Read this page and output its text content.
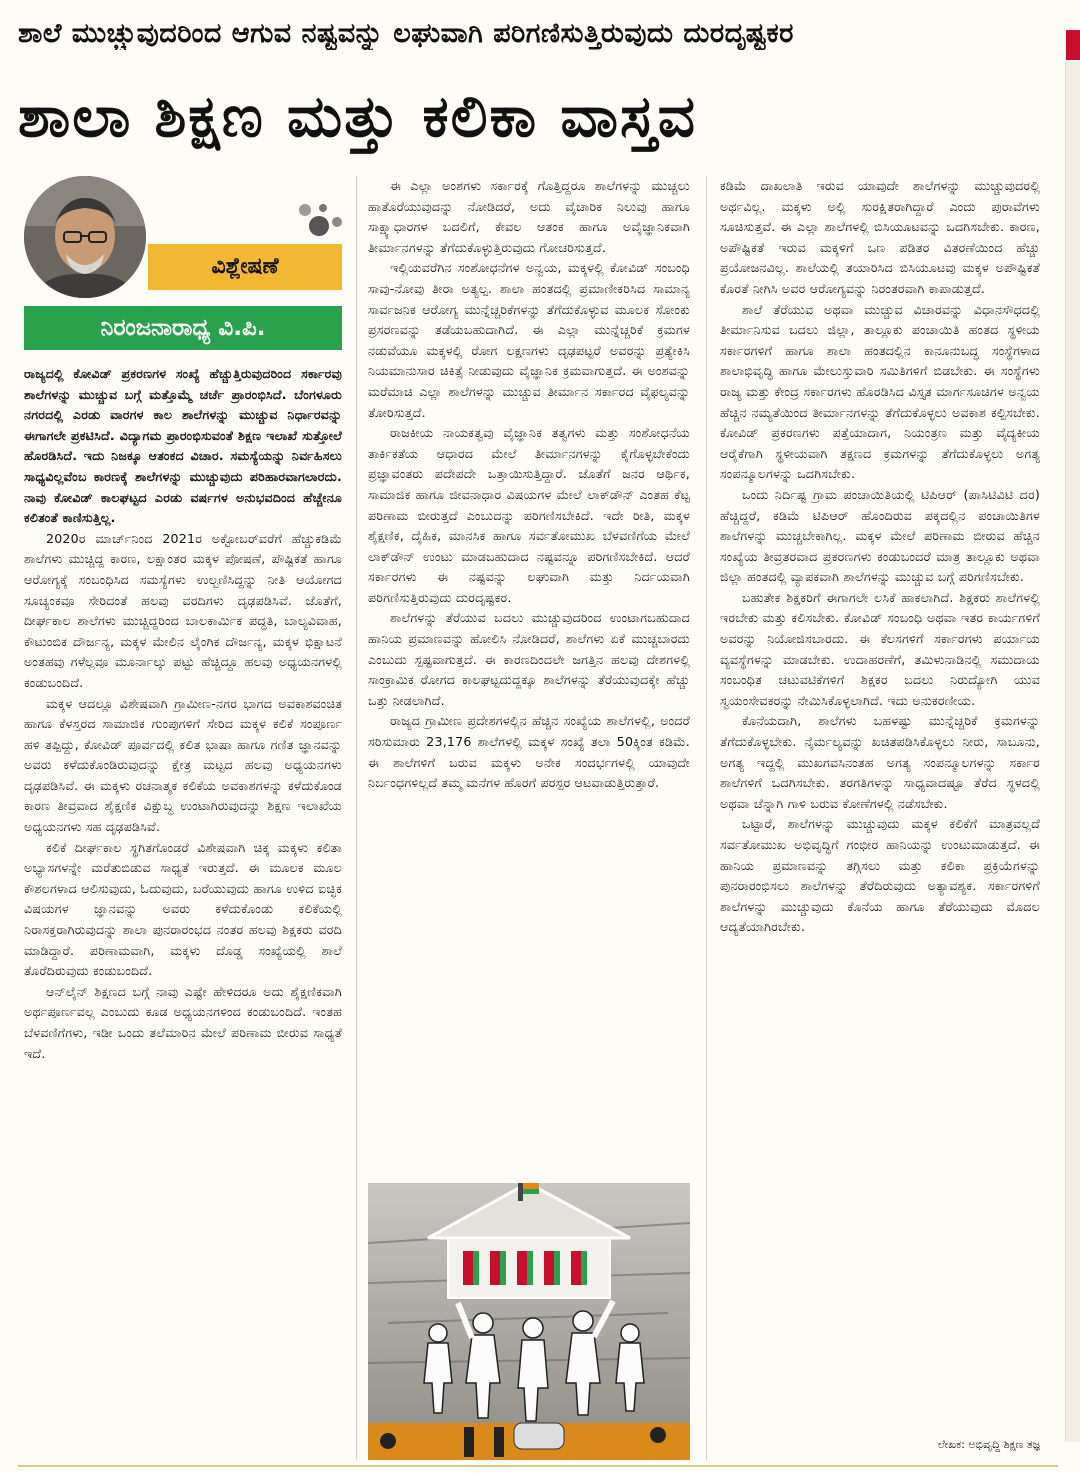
ಶಾಲೆ ಮುಚ್ಚುವುದರಿಂದ ಆಗುವ ನಷ್ಟವನ್ನು ಲಘುವಾಗಿ ಪರಿಗಣಿಸುತ್ತಿರುವುದು ದುರದೃಷ್ಟಕರ
ಶಾಲಾ ಶಿಕ್ಷಣ ಮತ್ತು ಕಲಿಕಾ ವಾಸ್ತವ
ವಿಶ್ಲೇಷಣೆ
ನಿರಂಜನಾರಾಧ್ಯ ವಿ.ಪಿ.

ರಾಜ್ಯದಲ್ಲಿ ಕೋವಿಡ್ ಪ್ರಕರಣಗಳ ಸಂಖ್ಯೆ ಹೆಚ್ಚುತ್ತಿರುವುದರಿಂದ ಸರ್ಕಾರವು ಶಾಲೆಗಳನ್ನು ಮುಚ್ಚುವ ಬಗ್ಗೆ ಮತ್ತೊಮ್ಮೆ ಚರ್ಚೆ ಪ್ರಾರಂಭಿಸಿದೆ. ಬೆಂಗಳೂರು ನಗರದಲ್ಲಿ ಎರಡು ವಾರಗಳ ಕಾಲ ಶಾಲೆಗಳನ್ನು ಮುಚ್ಚುವ ನಿರ್ಧಾರವನ್ನು ಈಗಾಗಲೇ ಪ್ರಕಟಿಸಿದೆ. ವಿದ್ಯಾಗಮ ಪ್ರಾರಂಭಿಸುವಂತೆ ಶಿಕ್ಷಣ ಇಲಾಖೆ ಸುತ್ತೋಲೆ ಹೊರಡಿಸಿದೆ. ಇದು ನಿಜಕ್ಕೂ ಆತಂಕದ ವಿಚಾರ. ಸಮಸ್ಯೆಯನ್ನು ನಿರ್ವಹಿಸಲು ಸಾಧ್ಯವಿಲ್ಲವೆಂಬ ಕಾರಣಕ್ಕೆ ಶಾಲೆಗಳನ್ನು ಮುಚ್ಚುವುದು ಪರಿಹಾರವಾಗಲಾರದು. ನಾವು ಕೋವಿಡ್ ಕಾಲಘಟ್ಟದ ಎರಡು ವರ್ಷಗಳ ಅನುಭವದಿಂದ ಹೆಚ್ಚೇನೂ ಕಲಿತಂತೆ ಕಾಣಿಸುತ್ತಿಲ್ಲ.

2020ರ ಮಾರ್ಚ್‌ನಿಂದ 2021ರ ಅಕ್ಟೋಬರ್‌ವರೆಗೆ ಹೆಚ್ಚುಕಡಿಮೆ ಶಾಲೆಗಳು ಮುಚ್ಚಿದ್ದ ಕಾರಣ, ಲಕ್ಷಾಂತರ ಮಕ್ಕಳ ಪೋಷಣೆ, ಪೌಷ್ಟಿಕತೆ ಹಾಗೂ ಆರೋಗ್ಯಕ್ಕೆ ಸಂಬಂಧಿಸಿದ ಸಮಸ್ಯೆಗಳು ಉಲ್ಬಣಿಸಿದ್ದನ್ನು ನೀತಿ ಆಯೋಗದ ಸೂಚ್ಯಂಕವೂ ಸೇರಿದಂತೆ ಹಲವು ವರದಿಗಳು ದೃಢಪಡಿಸಿವೆ. ಜೊತೆಗೆ, ದೀರ್ಘಕಾಲ ಶಾಲೆಗಳು ಮುಚ್ಚಿದ್ದರಿಂದ ಬಾಲಕಾರ್ಮಿಕ ಪದ್ಧತಿ, ಬಾಲ್ಯವಿವಾಹ, ಕೌಟುಂಬಿಕ ದೌರ್ಜನ್ಯ, ಮಕ್ಕಳ ಮೇಲಿನ ಲೈಂಗಿಕ ದೌರ್ಜನ್ಯ, ಮಕ್ಕಳ ಭಿಕ್ಷಾಟನೆ ಅಂತಹವು ಗಳೆಲ್ಲವೂ ಮೂರ್ನಾಲ್ಕು ಪಟ್ಟು ಹೆಚ್ಚಿದ್ದೂ ಹಲವು ಅಧ್ಯಯನಗಳಲ್ಲಿ ಕಂಡುಬಂದಿದೆ.

ಮಕ್ಕಳ ಆದಲ್ಲೂ ವಿಶೇಷವಾಗಿ ಗ್ರಾಮೀಣ-ನಗರ ಭಾಗದ ಅವಕಾಶವಂಚಿತ ಹಾಗೂ ಕೆಳಸ್ತರದ ಸಾಮಾಜಿಕ ಗುಂಪುಗಳಿಗೆ ಸೇರಿದ ಮಕ್ಕಳ ಕಲಿಕೆ ಸಂಪೂರ್ಣ ಹಳಿ ತಪ್ಪಿದ್ದು, ಕೋವಿಡ್ ಪೂರ್ವದಲ್ಲಿ ಕಲಿತ ಭಾಷಾ ಹಾಗೂ ಗಣಿತ ಜ್ಞಾನವನ್ನು ಅವರು ಕಳೆದುಕೊಂಡಿರುವುದನ್ನು ಕ್ಷೇತ್ರ ಮಟ್ಟದ ಹಲವು ಅಧ್ಯಯನಗಳು ದೃಢಪಡಿಸಿವೆ. ಈ ಮಕ್ಕಳು ರಚನಾತ್ಮಕ ಕಲಿಕೆಯ ಅವಕಾಶಗಳನ್ನು ಕಳೆದುಕೊಂಡ ಕಾರಣ ತೀವ್ರವಾದ ಶೈಕ್ಷಣಿಕ ವಿಕ್ಷುಬ್ಧ ಉಂಟಾಗಿರುವುದನ್ನು ಶಿಕ್ಷಣ ಇಲಾಖೆಯ ಅಧ್ಯಯನಗಳು ಸಹ ದೃಢಪಡಿಸಿವೆ.

ಕಲಿಕೆ ದೀರ್ಘಕಾಲ ಸ್ಥಗಿತಗೊಂಡರೆ ವಿಶೇಷವಾಗಿ ಚಿಕ್ಕ ಮಕ್ಕಳು ಕಲಿತಾ ಅಭ್ಯಾಸಗಳನ್ನೇ ಮರೆತುಬಿಡುವ ಸಾಧ್ಯತೆ ಇರುತ್ತದೆ. ಈ ಮೂಲಕ ಮೂಲ ಕೌಶಲಗಳಾದ ಆಲಿಸುವುದು, ಓದುವುದು, ಬರೆಯುವುದು ಹಾಗೂ ಉಳಿದ ಐಚ್ಛಿಕ ವಿಷಯಗಳ ಜ್ಞಾನವನ್ನು ಅವರು ಕಳೆದುಕೊಂಡು ಕಲಿಕೆಯಲ್ಲಿ ನಿರಾಸಕ್ತರಾಗಿರುವುದನ್ನು ಶಾಲಾ ಪುನರಾರಂಭದ ನಂತರ ಹಲವು ಶಿಕ್ಷಕರು ವರದಿ ಮಾಡಿದ್ದಾರೆ. ಪರಿಣಾಮವಾಗಿ, ಮಕ್ಕಳು ದೊಡ್ಡ ಸಂಖ್ಯೆಯಲ್ಲಿ ಶಾಲೆ ತೊರೆದಿರುವುದು ಕಂಡುಬಂದಿದೆ.

ಆನ್‌ಲೈನ್ ಶಿಕ್ಷಣದ ಬಗ್ಗೆ ನಾವು ಎಷ್ಟೇ ಹೇಳಿದರೂ ಅದು ಶೈಕ್ಷಣಿಕವಾಗಿ ಅರ್ಥಪೂರ್ಣವಲ್ಲ ಎಂಬುದು ಕೂಡ ಅಧ್ಯಯನಗಳಿಂದ ಕಂಡುಬಂದಿದೆ. ಇಂತಹ ಬೆಳವಣಿಗೆಗಳು, ಇಡೀ ಒಂದು ತಲೆಮಾರಿನ ಮೇಲೆ ಪರಿಣಾಮ ಬೀರುವ ಸಾಧ್ಯತೆ ಇದೆ.

ಈ ಎಲ್ಲಾ ಅಂಶಗಳು ಸರ್ಕಾರಕ್ಕೆ ಗೊತ್ತಿದ್ದರೂ ಶಾಲೆಗಳನ್ನು ಮುಚ್ಚಲು ಹಾತೊರೆಯುವುದನ್ನು ನೋಡಿದರೆ, ಅದು ವೈಚಾರಿಕ ನಿಲುವು ಹಾಗೂ ಸಾಕ್ಷ್ಯಾಧಾರಗಳ ಬದಲಿಗೆ, ಕೇವಲ ಆತಂಕ ಹಾಗೂ ಅವೈಜ್ಞಾನಿಕವಾಗಿ ತೀರ್ಮಾನಗಳನ್ನು ತೆಗೆದುಕೊಳ್ಳುತ್ತಿರುವುದು ಗೋಚರಿಸುತ್ತದೆ.

ಇಲ್ಲಿಯವರೆಗಿನ ಸಂಶೋಧನೆಗಳ ಅನ್ವಯ, ಮಕ್ಕಳಲ್ಲಿ ಕೋವಿಡ್ ಸಂಬಂಧಿ ಸಾವು-ನೋವು ತೀರಾ ಅತ್ಯಲ್ಪ. ಶಾಲಾ ಹಂತದಲ್ಲಿ ಪ್ರಮಾಣೀಕರಿಸಿದ ಸಾಮಾನ್ಯ ಸಾರ್ವಜನಿಕ ಆರೋಗ್ಯ ಮುನ್ನೆಚ್ಚರಿಕೆಗಳನ್ನು ತೆಗೆದುಕೊಳ್ಳುವ ಮೂಲಕ ಸೋಂಕು ಪ್ರಸರಣವನ್ನು ತಡೆಯಬಹುದಾಗಿದೆ. ಈ ಎಲ್ಲಾ ಮುನ್ನೆಚ್ಚರಿಕೆ ಕ್ರಮಗಳ ನಡುವೆಯೂ ಮಕ್ಕಳಲ್ಲಿ ರೋಗ ಲಕ್ಷಣಗಳು ದೃಢಪಟ್ಟರೆ ಅವರನ್ನು ಪ್ರತ್ಯೇಕಿಸಿ ನಿಯಮಾನುಸಾರ ಚಿಕಿತ್ಸೆ ನೀಡುವುದು ವೈಜ್ಞಾನಿಕ ಕ್ರಮವಾಗುತ್ತದೆ. ಈ ಅಂಶವನ್ನು ಮರೆಮಾಚಿ ಎಲ್ಲಾ ಶಾಲೆಗಳನ್ನು ಮುಚ್ಚುವ ತೀರ್ಮಾನ ಸರ್ಕಾರದ ವೈಫಲ್ಯವನ್ನು ತೋರಿಸುತ್ತದೆ.

ರಾಜಕೀಯ ನಾಯಕತ್ವವು ವೈಜ್ಞಾನಿಕ ತತ್ವಗಳು ಮತ್ತು ಸಂಶೋಧನೆಯ ತಾರ್ಕಿಕತೆಯ ಆಧಾರದ ಮೇಲೆ ತೀರ್ಮಾನಗಳನ್ನು ಕೈಗೊಳ್ಳಬೇಕೆಂದು ಪ್ರಜ್ಞಾವಂತರು ಪದೇಪದೇ ಒತ್ತಾಯಿಸುತ್ತಿದ್ದಾರೆ. ಜೊತೆಗೆ ಜನರ ಆರ್ಥಿಕ, ಸಾಮಾಜಿಕ ಹಾಗೂ ಜೀವನಾಧಾರ ವಿಷಯಗಳ ಮೇಲೆ ಲಾಕ್‌ಡೌನ್ ಎಂತಹ ಕೆಟ್ಟ ಪರಿಣಾಮ ಬೀರುತ್ತದೆ ಎಂಬುದನ್ನು ಪರಿಗಣಿಸಬೇಕಿದೆ. ಇದೇ ರೀತಿ, ಮಕ್ಕಳ ಶೈಕ್ಷಣಿಕ, ದೈಹಿಕ, ಮಾನಸಿಕ ಹಾಗೂ ಸರ್ವತೋಮುಖ ಬೆಳವಣಿಗೆಯ ಮೇಲೆ ಲಾಕ್‌ಡೌನ್ ಉಂಟು ಮಾಡಬಹುದಾದ ನಷ್ಟವನ್ನೂ ಪರಿಗಣಿಸಬೇಕಿದೆ. ಆದರೆ ಸರ್ಕಾರಗಳು ಈ ನಷ್ಟವನ್ನು ಲಘುವಾಗಿ ಮತ್ತು ನಿರ್ದಯವಾಗಿ ಪರಿಗಣಿಸುತ್ತಿರುವುದು ದುರದೃಷ್ಟಕರ.

ಶಾಲೆಗಳನ್ನು ತೆರೆಯುವ ಬದಲು ಮುಚ್ಚುವುದರಿಂದ ಉಂಟಾಗಬಹುದಾದ ಹಾನಿಯ ಪ್ರಮಾಣವನ್ನು ಹೋಲಿಸಿ ನೋಡಿದರೆ, ಶಾಲೆಗಳು ಏಕೆ ಮುಚ್ಚಬಾರದು ಎಂಬುದು ಸ್ಪಷ್ಟವಾಗುತ್ತದೆ. ಈ ಕಾರಣದಿಂದಲೇ ಜಗತ್ತಿನ ಹಲವು ದೇಶಗಳಲ್ಲಿ ಸಾಂಕ್ರಾಮಿಕ ರೋಗದ ಕಾಲಘಟ್ಟದುದ್ದಕ್ಕೂ ಶಾಲೆಗಳನ್ನು ತೆರೆಯುವುದಕ್ಕೇ ಹೆಚ್ಚು ಒತ್ತು ನೀಡಲಾಗಿದೆ.

ರಾಜ್ಯದ ಗ್ರಾಮೀಣ ಪ್ರದೇಶಗಳಲ್ಲಿನ ಹೆಚ್ಚಿನ ಸಂಖ್ಯೆಯ ಶಾಲೆಗಳಲ್ಲಿ, ಅಂದರೆ ಸರಿಸುಮಾರು 23,176 ಶಾಲೆಗಳಲ್ಲಿ ಮಕ್ಕಳ ಸಂಖ್ಯೆ ತಲಾ 50ಕ್ಕಿಂತ ಕಡಿಮೆ. ಈ ಶಾಲೆಗಳಿಗೆ ಬರುವ ಮಕ್ಕಳು ಅನೇಕ ಸಂದರ್ಭಗಳಲ್ಲಿ ಯಾವುದೇ ನಿರ್ಬಂಧಗಳಿಲ್ಲದೆ ತಮ್ಮ ಮನೆಗಳ ಹೊರಗೆ ಪರಸ್ಪರ ಆಟವಾಡುತ್ತಿರುತ್ತಾರೆ.

ಕಡಿಮೆ ದಾಖಲಾತಿ ಇರುವ ಯಾವುದೇ ಶಾಲೆಗಳನ್ನು ಮುಚ್ಚುವುದರಲ್ಲಿ ಅರ್ಥವಿಲ್ಲ. ಮಕ್ಕಳು ಅಲ್ಲಿ ಸುರಕ್ಷಿತರಾಗಿದ್ದಾರೆ ಎಂದು ಪುರಾವೆಗಳು ಸೂಚಿಸುತ್ತವೆ. ಈ ಎಲ್ಲಾ ಶಾಲೆಗಳಲ್ಲಿ ಬಿಸಿಯೂಟವನ್ನು ಒದಗಿಸಬೇಕು. ಕಾರಣ, ಅಪೌಷ್ಟಿಕತೆ ಇರುವ ಮಕ್ಕಳಿಗೆ ಒಣ ಪಡಿತರ ವಿತರಣೆಯಿಂದ ಹೆಚ್ಚು ಪ್ರಯೋಜನವಿಲ್ಲ. ಶಾಲೆಯಲ್ಲಿ ತಯಾರಿಸಿದ ಬಿಸಿಯೂಟವು ಮಕ್ಕಳ ಅಪೌಷ್ಟಿಕತೆ ಕೊರತೆ ನೀಗಿಸಿ ಅವರ ಆರೋಗ್ಯವನ್ನು ನಿರಂತರವಾಗಿ ಕಾಪಾಡುತ್ತದೆ.

ಶಾಲೆ ತೆರೆಯುವ ಅಥವಾ ಮುಚ್ಚುವ ವಿಚಾರವನ್ನು ವಿಧಾನಸೌಧದಲ್ಲಿ ತೀರ್ಮಾನಿಸುವ ಬದಲು ಜಿಲ್ಲಾ, ತಾಲ್ಲೂಕು ಪಂಚಾಯಿತಿ ಹಂತದ ಸ್ಥಳೀಯ ಸರ್ಕಾರಗಳಿಗೆ ಹಾಗೂ ಶಾಲಾ ಹಂತದಲ್ಲಿನ ಕಾನೂನುಬದ್ಧ ಸಂಸ್ಥೆಗಳಾದ ಶಾಲಾಭಿವೃದ್ಧಿ ಹಾಗೂ ಮೇಲುಸ್ತುವಾರಿ ಸಮಿತಿಗಳಿಗೆ ಬಿಡಬೇಕು. ಈ ಸಂಸ್ಥೆಗಳು ರಾಜ್ಯ ಮತ್ತು ಕೇಂದ್ರ ಸರ್ಕಾರಗಳು ಹೊರಡಿಸಿದ ವಿಸ್ತೃತ ಮಾರ್ಗಸೂಚಿಗಳ ಅನ್ವಯ ಹೆಚ್ಚಿನ ನಮ್ಯತೆಯಿಂದ ತೀರ್ಮಾನಗಳನ್ನು ತೆಗೆದುಕೊಳ್ಳಲು ಅವಕಾಶ ಕಲ್ಪಿಸಬೇಕು. ಕೋವಿಡ್ ಪ್ರಕರಣಗಳು ಪತ್ತೆಯಾದಾಗ, ನಿಯಂತ್ರಣ ಮತ್ತು ವೈದ್ಯಕೀಯ ಆರೈಕೆಗಾಗಿ ಸ್ಥಳೀಯವಾಗಿ ತಕ್ಷಣದ ಕ್ರಮಗಳನ್ನು ತೆಗೆದುಕೊಳ್ಳಲು ಅಗತ್ಯ ಸಂಪನ್ಮೂಲಗಳನ್ನು ಒದಗಿಸಬೇಕು.

ಒಂದು ನಿರ್ದಿಷ್ಟ ಗ್ರಾಮ ಪಂಚಾಯಿತಿಯಲ್ಲಿ ಟಿಪಿಆರ್ (ಪಾಸಿಟಿವಿಟಿ ದರ) ಹೆಚ್ಚಿದ್ದರೆ, ಕಡಿಮೆ ಟಿಪಿಆರ್ ಹೊಂದಿರುವ ಪಕ್ಕದಲ್ಲಿನ ಪಂಚಾಯಿತಿಗಳ ಶಾಲೆಗಳನ್ನು ಮುಚ್ಚಬೇಕಾಗಿಲ್ಲ. ಮಕ್ಕಳ ಮೇಲೆ ಪರಿಣಾಮ ಬೀರುವ ಹೆಚ್ಚಿನ ಸಂಖ್ಯೆಯ ತೀವ್ರತರವಾದ ಪ್ರಕರಣಗಳು ಕಂಡುಬಂದರೆ ಮಾತ್ರ ತಾಲ್ಲೂಕು ಅಥವಾ ಜಿಲ್ಲಾ ಹಂತದಲ್ಲಿ ವ್ಯಾಪಕವಾಗಿ ಶಾಲೆಗಳನ್ನು ಮುಚ್ಚುವ ಬಗ್ಗೆ ಪರಿಗಣಿಸಬೇಕು.

ಬಹುತೇಕ ಶಿಕ್ಷಕರಿಗೆ ಈಗಾಗಲೇ ಲಸಿಕೆ ಹಾಕಲಾಗಿದೆ. ಶಿಕ್ಷಕರು ಶಾಲೆಗಳಲ್ಲಿ ಇರಬೇಕು ಮತ್ತು ಕಲಿಸಬೇಕು. ಕೋವಿಡ್ ಸಂಬಂಧಿ ಅಥವಾ ಇತರ ಕಾರ್ಯಗಳಿಗೆ ಅವರನ್ನು ನಿಯೋಜಿಸಬಾರದು. ಈ ಕೆಲಸಗಳಿಗೆ ಸರ್ಕಾರಗಳು ಪರ್ಯಾಯ ವ್ಯವಸ್ಥೆಗಳನ್ನು ಮಾಡಬೇಕು. ಉದಾಹರಣೆಗೆ, ತಮಿಳುನಾಡಿನಲ್ಲಿ ಸಮುದಾಯ ಸಂಬಂಧಿತ ಚಟುವಟಿಕೆಗಳಿಗೆ ಶಿಕ್ಷಕರ ಬದಲು ನಿರುದ್ಯೋಗಿ ಯುವ ಸ್ವಯಂಸೇವಕರನ್ನು ನೇಮಿಸಿಕೊಳ್ಳಲಾಗಿದೆ. ಇದು ಅನುಕರಣೀಯ.

ಕೊನೆಯದಾಗಿ, ಶಾಲೆಗಳು ಬಹಳಷ್ಟು ಮುನ್ನೆಚ್ಚರಿಕೆ ಕ್ರಮಗಳನ್ನು ತೆಗೆದುಕೊಳ್ಳಬೇಕು. ನೈರ್ಮಲ್ಯವನ್ನು ಖಚಿತಪಡಿಸಿಕೊಳ್ಳಲು ನೀರು, ಸಾಬೂನು, ಅಗತ್ಯ ಇದ್ದಲ್ಲಿ ಮುಖಗವಸಿನಂತಹ ಅಗತ್ಯ ಸಂಪನ್ಮೂಲಗಳನ್ನು ಸರ್ಕಾರ ಶಾಲೆಗಳಿಗೆ ಒದಗಿಸಬೇಕು. ತರಗತಿಗಳನ್ನು ಸಾಧ್ಯವಾದಷ್ಟೂ ತೆರೆದ ಸ್ಥಳದಲ್ಲಿ ಅಥವಾ ಚೆನ್ನಾಗಿ ಗಾಳಿ ಬರುವ ಕೋಣೆಗಳಲ್ಲಿ ನಡೆಸಬೇಕು.

ಒಟ್ಟಾರೆ, ಶಾಲೆಗಳನ್ನು ಮುಚ್ಚುವುದು ಮಕ್ಕಳ ಕಲಿಕೆಗೆ ಮಾತ್ರವಲ್ಲದೆ ಸರ್ವತೋಮುಖ ಅಭಿವೃದ್ಧಿಗೆ ಗಂಭೀರ ಹಾನಿಯನ್ನು ಉಂಟುಮಾಡುತ್ತದೆ. ಈ ಹಾನಿಯ ಪ್ರಮಾಣವನ್ನು ತಗ್ಗಿಸಲು ಮತ್ತು ಕಲಿಕಾ ಪ್ರಕ್ರಿಯೆಗಳನ್ನು ಪುನರಾರಂಭಿಸಲು ಶಾಲೆಗಳನ್ನು ತೆರೆದಿರುವುದು ಅತ್ಯಾವಶ್ಯಕ. ಸರ್ಕಾರಗಳಿಗೆ ಶಾಲೆಗಳನ್ನು ಮುಚ್ಚುವುದು ಕೊನೆಯ ಹಾಗೂ ತೆರೆಯುವುದು ಮೊದಲ ಆದ್ಯತೆಯಾಗಿರಬೇಕು.

ಲೇಖಕ: ಅಭಿವೃದ್ಧಿ ಶಿಕ್ಷಣ ತಜ್ಞ
